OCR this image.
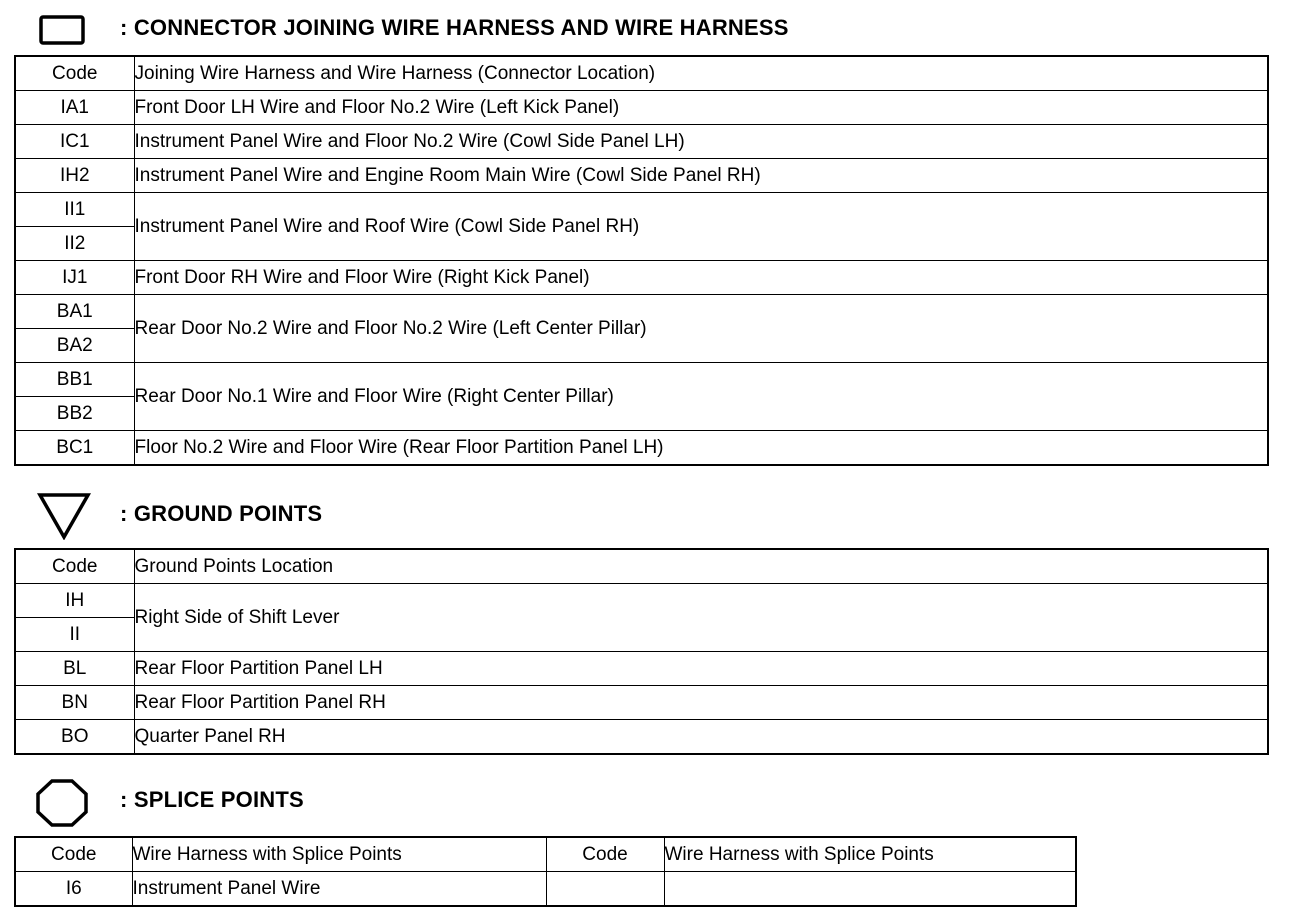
: CONNECTOR JOINING WIRE HARNESS AND WIRE HARNESS
Code	Joining Wire Harness and Wire Harness (Connector Location)
IA1	Front Door LH Wire and Floor No.2 Wire (Left Kick Panel)
IC1	Instrument Panel Wire and Floor No.2 Wire (Cowl Side Panel LH)
IH2	Instrument Panel Wire and Engine Room Main Wire (Cowl Side Panel RH)
II1	Instrument Panel Wire and Roof Wire (Cowl Side Panel RH)
II2	
IJ1	Front Door RH Wire and Floor Wire (Right Kick Panel)
BA1	Rear Door No.2 Wire and Floor No.2 Wire (Left Center Pillar)
BA2	
BB1	Rear Door No.1 Wire and Floor Wire (Right Center Pillar)
BB2	
BC1	Floor No.2 Wire and Floor Wire (Rear Floor Partition Panel LH)
: GROUND POINTS
Code	Ground Points Location
IH	Right Side of Shift Lever
II	
BL	Rear Floor Partition Panel LH
BN	Rear Floor Partition Panel RH
BO	Quarter Panel RH
: SPLICE POINTS
Code	Wire Harness with Splice Points	Code	Wire Harness with Splice Points
I6	Instrument Panel Wire		
